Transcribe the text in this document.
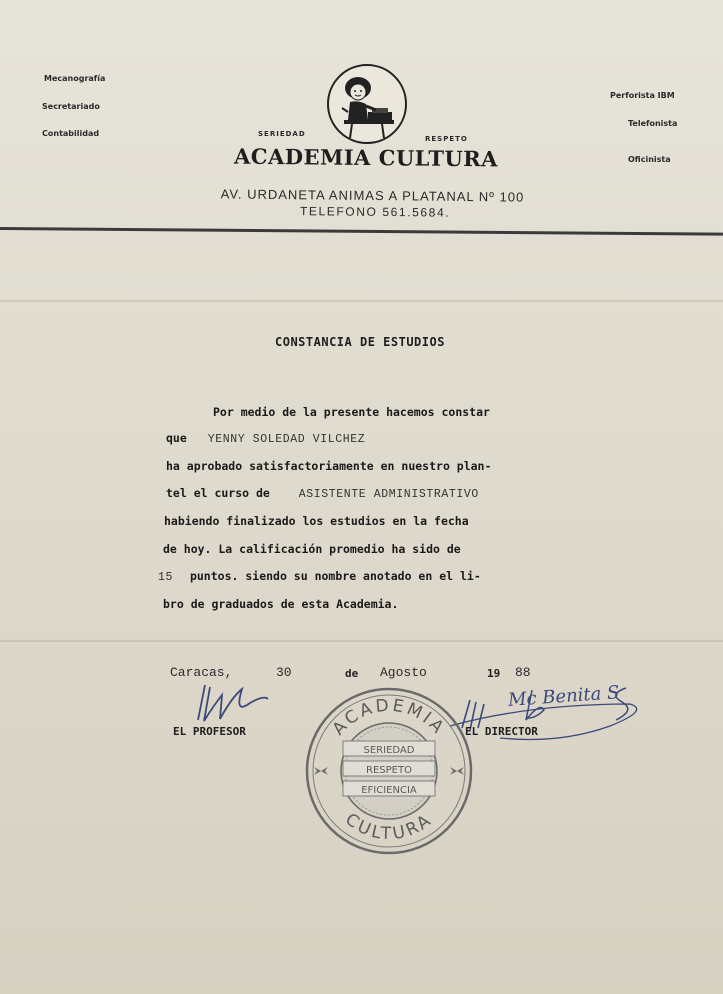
Mecanografía
Secretariado
Contabilidad
Perforista IBM
Telefonista
Oficinista
SERIEDAD
RESPETO
ACADEMIA CULTURA
AV. URDANETA ANIMAS A PLATANAL Nº 100
TELEFONO 561.5684.
CONSTANCIA DE ESTUDIOS
Por medio de la presente hacemos constar
que YENNY SOLEDAD VILCHEZ
ha aprobado satisfactoriamente en nuestro plan-
tel el curso de	ASISTENTE ADMINISTRATIVO
habiendo finalizado los estudios en la fecha
de hoy. La calificación promedio ha sido de
15 puntos. siendo su nombre anotado en el li-
bro de graduados de esta Academia.
Caracas,	30	de Agosto	19 88
EL PROFESOR
Mc Benita S
EL DIRECTOR
ACADEMIA
CULTURA
SERIEDAD
RESPETO
EFICIENCIA
